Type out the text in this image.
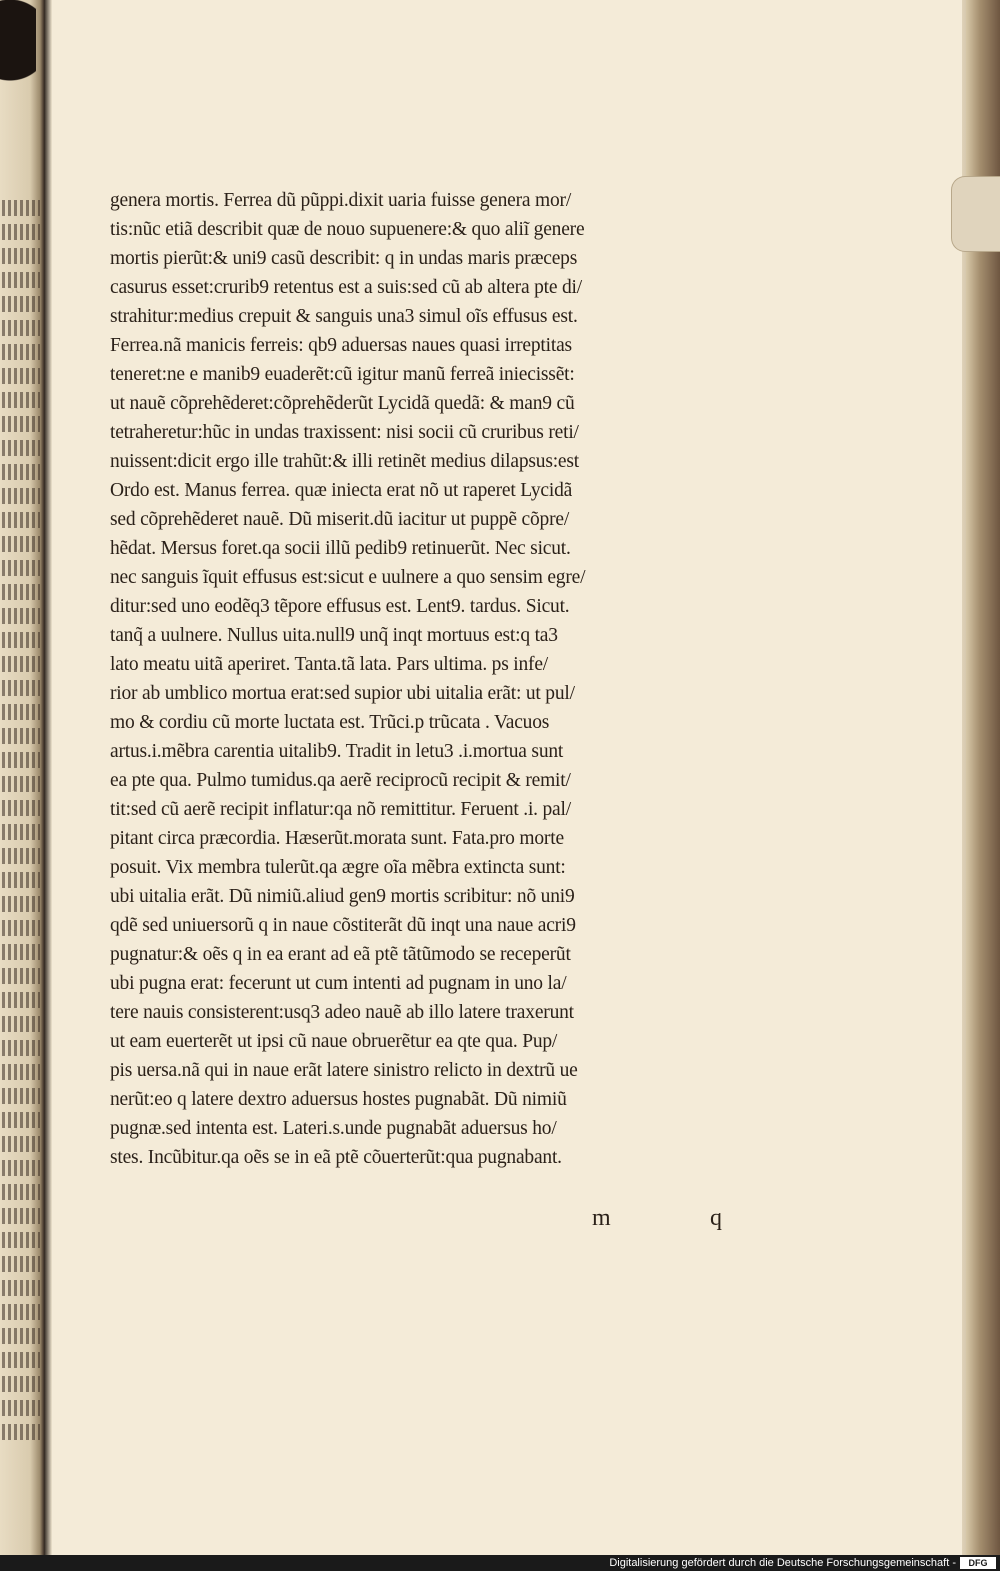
genera mortis. Ferrea dũ pũppi.dixit uaria fuisse genera mor/
tis:nũc etiã describit quæ de nouo supuenere:& quo aliĩ genere
mortis pierũt:& uni9 casũ describit: q in undas maris præceps
casurus esset:crurib9 retentus est a suis:sed cũ ab altera pte di/
strahitur:medius crepuit & sanguis una3 simul oĩs effusus est.
Ferrea.nã manicis ferreis: qb9 aduersas naues quasi irreptitas
teneret:ne e manib9 euaderẽt:cũ igitur manũ ferreã iniecissẽt:
ut nauẽ cõprehẽderet:cõprehẽderũt Lycidã quedã: & man9 cũ
tetraheretur:hũc in undas traxissent: nisi socii cũ cruribus reti/
nuissent:dicit ergo ille trahũt:& illi retinẽt medius dilapsus:est
Ordo est. Manus ferrea. quæ iniecta erat nõ ut raperet Lycidã
sed cõprehẽderet nauẽ. Dũ miserit.dũ iacitur ut puppẽ cõpre/
hẽdat. Mersus foret.qa socii illũ pedib9 retinuerũt. Nec sicut.
nec sanguis ĩquit effusus est:sicut e uulnere a quo sensim egre/
ditur:sed uno eodẽq3 tẽpore effusus est. Lent9. tardus. Sicut.
tanq̃ a uulnere. Nullus uita.null9 unq̃ inqt mortuus est:q ta3
lato meatu uitã aperiret. Tanta.tã lata. Pars ultima. ps infe/
rior ab umblico mortua erat:sed supior ubi uitalia erãt: ut pul/
mo & cordiu cũ morte luctata est. Trũci.p trũcata . Vacuos
artus.i.mẽbra carentia uitalib9. Tradit in letu3 .i.mortua sunt
ea pte qua. Pulmo tumidus.qa aerẽ reciprocũ recipit & remit/
tit:sed cũ aerẽ recipit inflatur:qa nõ remittitur. Feruent .i. pal/
pitant circa præcordia. Hæserũt.morata sunt. Fata.pro morte
posuit. Vix membra tulerũt.qa ægre oĩa mẽbra extincta sunt:
ubi uitalia erãt. Dũ nimiũ.aliud gen9 mortis scribitur: nõ uni9
qdẽ sed uniuersorũ q in naue cõstiterãt dũ inqt una naue acri9
pugnatur:& oẽs q in ea erant ad eã ptẽ tãtũmodo se receperũt
ubi pugna erat: fecerunt ut cum intenti ad pugnam in uno la/
tere nauis consisterent:usq3 adeo nauẽ ab illo latere traxerunt
ut eam euerterẽt ut ipsi cũ naue obruerẽtur ea qte qua. Pup/
pis uersa.nã qui in naue erãt latere sinistro relicto in dextrũ ue
nerũt:eo q latere dextro aduersus hostes pugnabãt. Dũ nimiũ
pugnæ.sed intenta est. Lateri.s.unde pugnabãt aduersus ho/
stes. Incũbitur.qa oẽs se in eã ptẽ cõuerterũt:qua pugnabant.
m	q
Digitalisierung gefördert durch die Deutsche Forschungsgemeinschaft -	DFG
